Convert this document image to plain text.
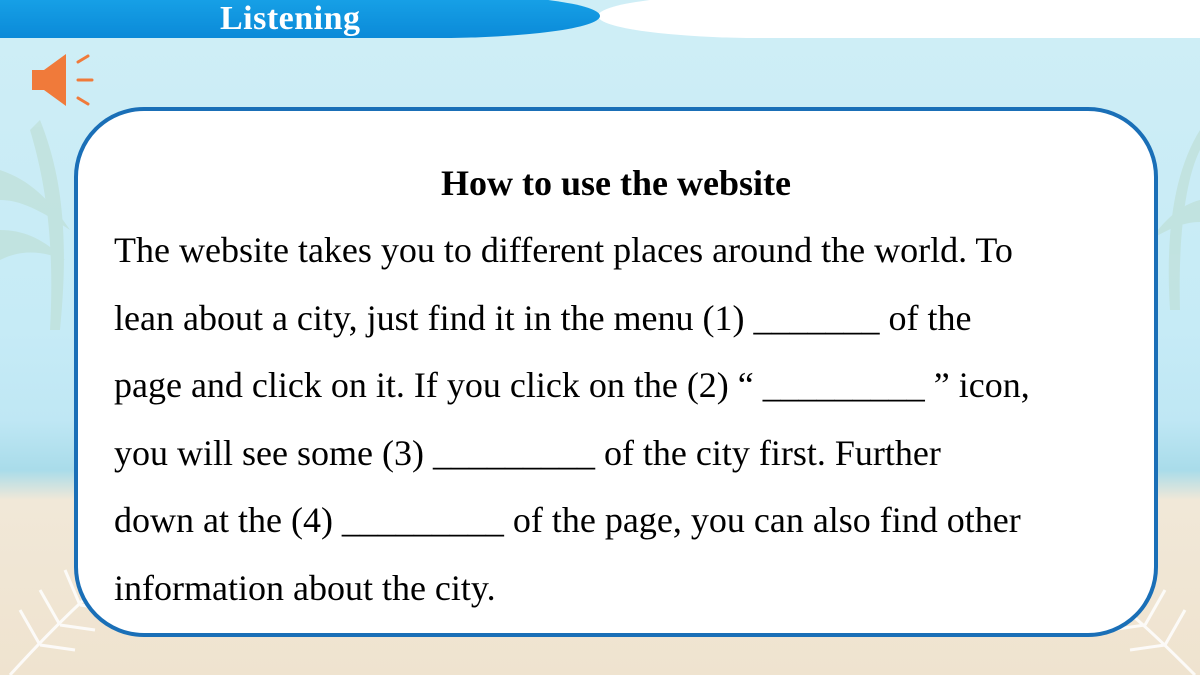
Listening
How to use the website
The website takes you to different places around the world. To
lean about a city, just find it in the menu (1) _______ of the
page and click on it. If you click on the (2) “ _________ ” icon,
you will see some (3) _________ of the city first. Further
down at the (4) _________ of the page, you can also find other
information about the city.
